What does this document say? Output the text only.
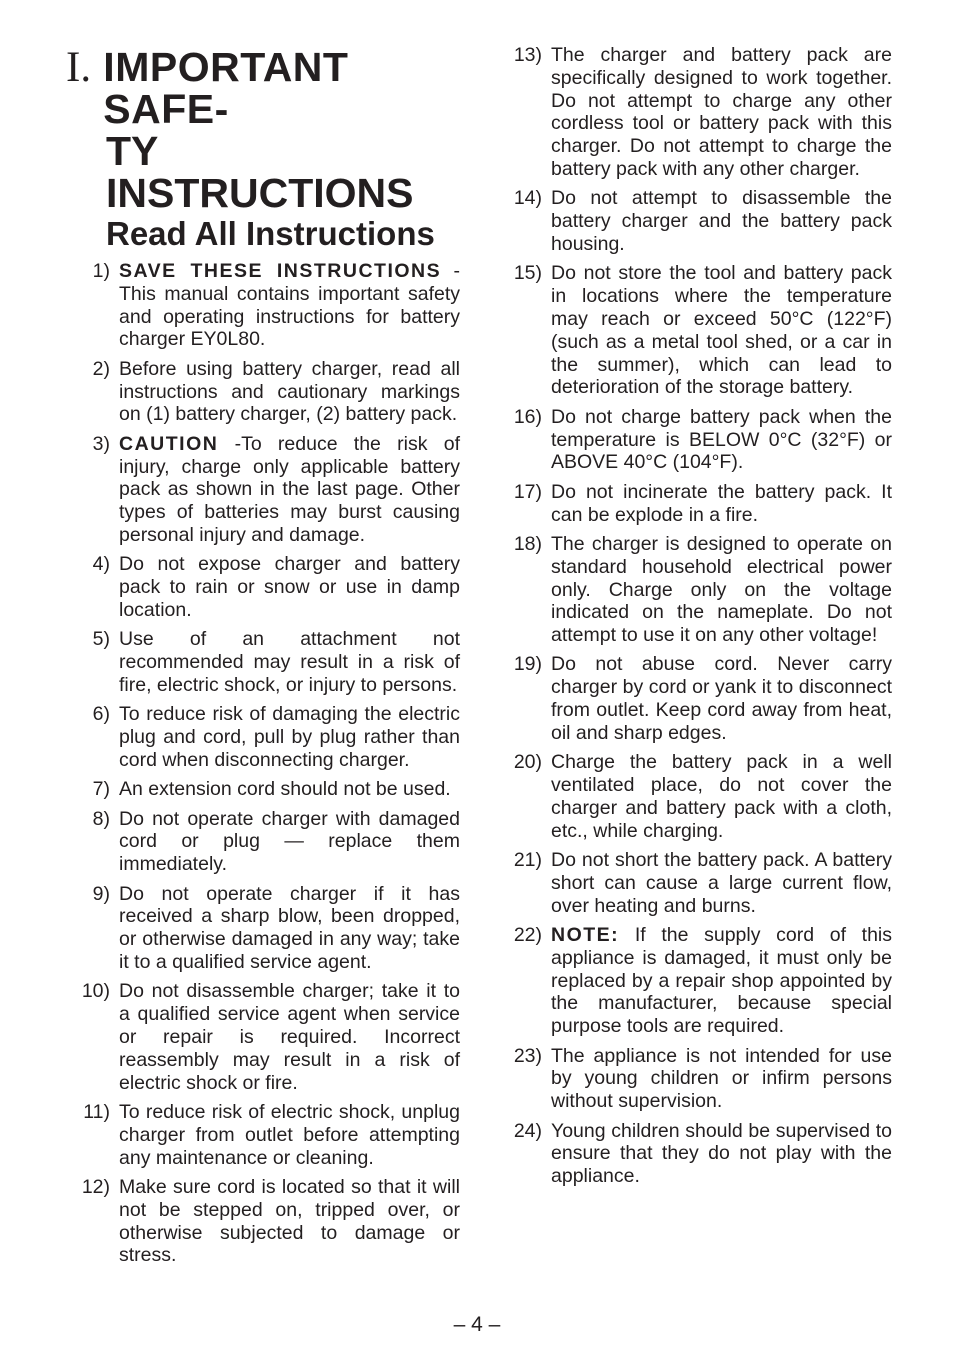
I. IMPORTANT SAFE-
TY INSTRUCTIONS
Read All Instructions
1) SAVE THESE INSTRUCTIONS -This manual contains important safety and operating instructions for battery charger EY0L80.
2) Before using battery charger, read all instructions and cautionary markings on (1) battery charger, (2) battery pack.
3) CAUTION -To reduce the risk of injury, charge only applicable battery pack as shown in the last page. Other types of batteries may burst causing personal injury and damage.
4) Do not expose charger and battery pack to rain or snow or use in damp location.
5) Use of an attachment not recommended may result in a risk of fire, electric shock, or injury to persons.
6) To reduce risk of damaging the electric plug and cord, pull by plug rather than cord when disconnecting charger.
7) An extension cord should not be used.
8) Do not operate charger with damaged cord or plug — replace them immediately.
9) Do not operate charger if it has received a sharp blow, been dropped, or otherwise damaged in any way; take it to a qualified service agent.
10) Do not disassemble charger; take it to a qualified service agent when service or repair is required. Incorrect reassembly may result in a risk of electric shock or fire.
11) To reduce risk of electric shock, unplug charger from outlet before attempting any maintenance or cleaning.
12) Make sure cord is located so that it will not be stepped on, tripped over, or otherwise subjected to damage or stress.
13) The charger and battery pack are specifically designed to work together. Do not attempt to charge any other cordless tool or battery pack with this charger. Do not attempt to charge the battery pack with any other charger.
14) Do not attempt to disassemble the battery charger and the battery pack housing.
15) Do not store the tool and battery pack in locations where the temperature may reach or exceed 50°C (122°F) (such as a metal tool shed, or a car in the summer), which can lead to deterioration of the storage battery.
16) Do not charge battery pack when the temperature is BELOW 0°C (32°F) or ABOVE 40°C (104°F).
17) Do not incinerate the battery pack. It can be explode in a fire.
18) The charger is designed to operate on standard household electrical power only. Charge only on the voltage indicated on the nameplate. Do not attempt to use it on any other voltage!
19) Do not abuse cord. Never carry charger by cord or yank it to disconnect from outlet. Keep cord away from heat, oil and sharp edges.
20) Charge the battery pack in a well ventilated place, do not cover the charger and battery pack with a cloth, etc., while charging.
21) Do not short the battery pack. A battery short can cause a large current flow, over heating and burns.
22) NOTE: If the supply cord of this appliance is damaged, it must only be replaced by a repair shop appointed by the manufacturer, because special purpose tools are required.
23) The appliance is not intended for use by young children or infirm persons without supervision.
24) Young children should be supervised to ensure that they do not play with the appliance.
– 4 –
